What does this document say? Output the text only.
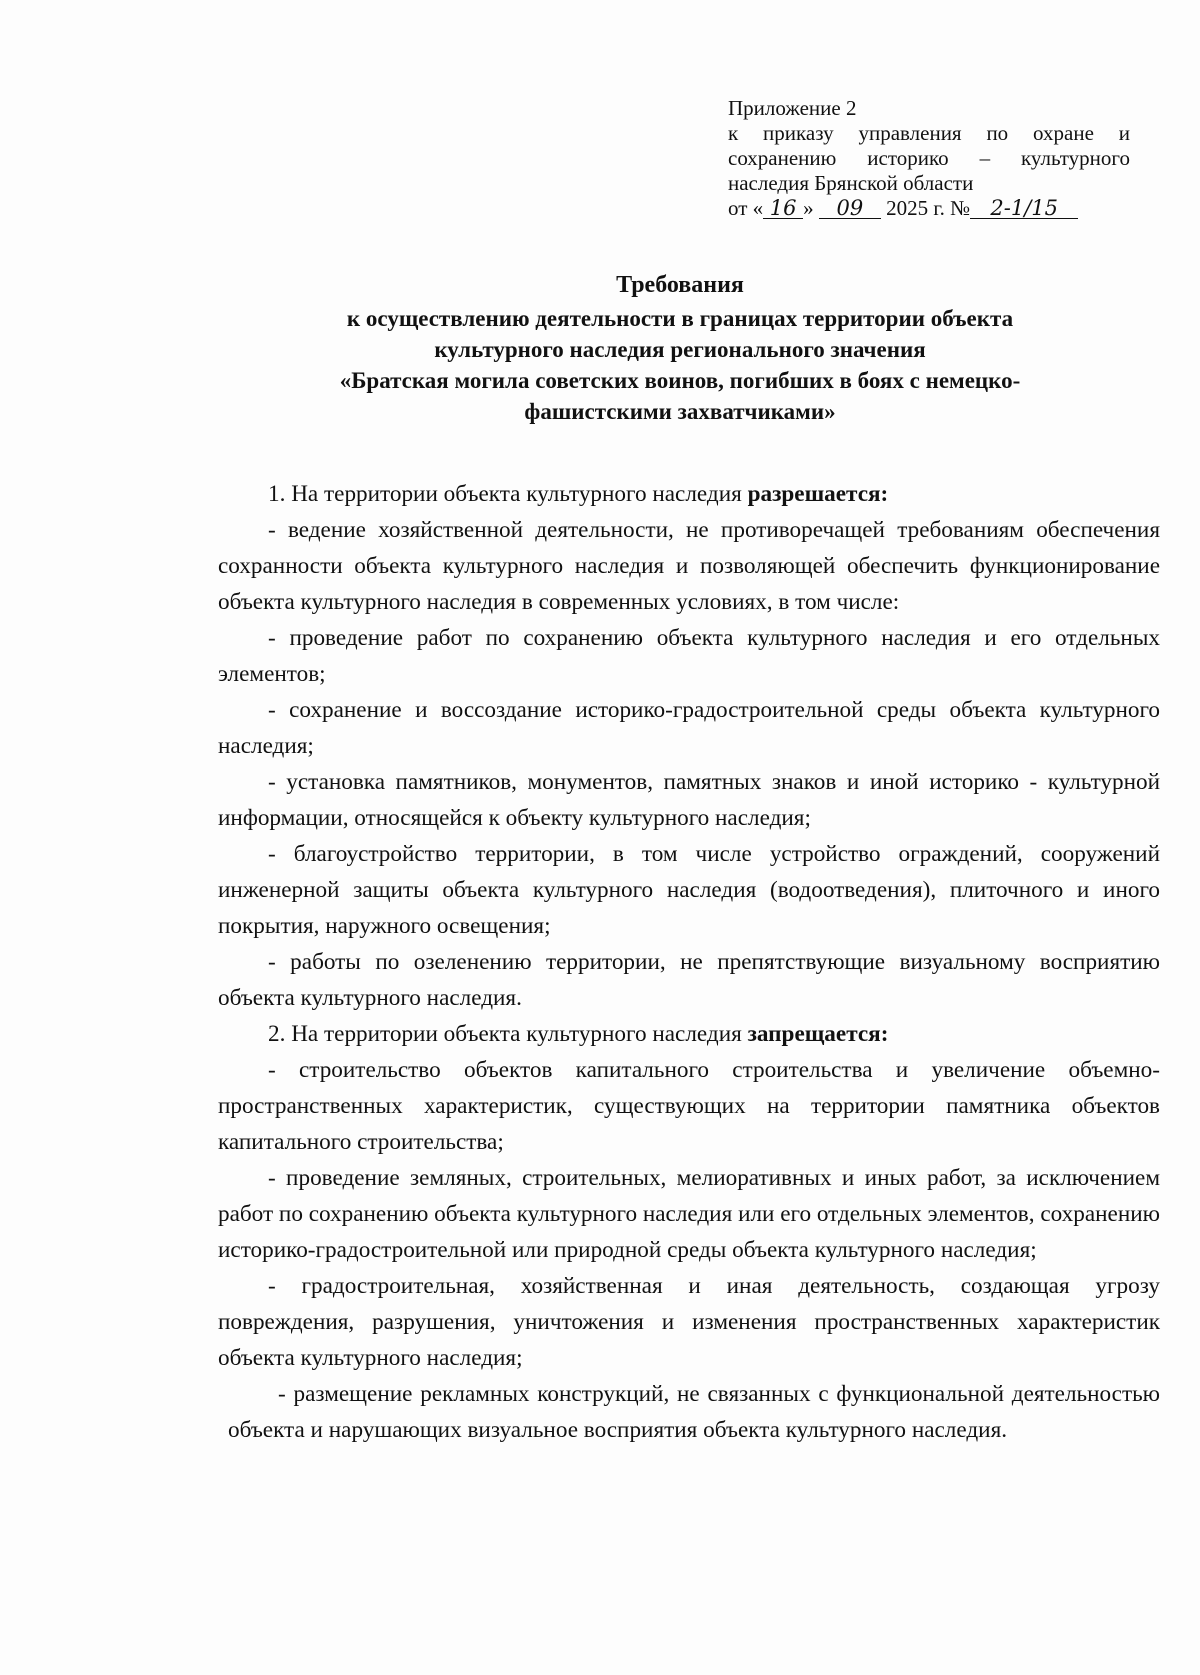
Приложение 2
к приказу управления по охране и
сохранению историко – культурного
наследия Брянской области
от « 16 » 09 2025 г. № 2-1/15
Требования
к осуществлению деятельности в границах территории объекта
культурного наследия регионального значения
«Братская могила советских воинов, погибших в боях с немецко-
фашистскими захватчиками»

1. На территории объекта культурного наследия разрешается:

- ведение хозяйственной деятельности, не противоречащей требованиям обеспечения сохранности объекта культурного наследия и позволяющей обеспечить функционирование объекта культурного наследия в современных условиях, в том числе:

- проведение работ по сохранению объекта культурного наследия и его отдельных элементов;

- сохранение и воссоздание историко-градостроительной среды объекта культурного наследия;

- установка памятников, монументов, памятных знаков и иной историко - культурной информации, относящейся к объекту культурного наследия;

- благоустройство территории, в том числе устройство ограждений, сооружений инженерной защиты объекта культурного наследия (водоотведения), плиточного и иного покрытия, наружного освещения;

- работы по озеленению территории, не препятствующие визуальному восприятию объекта культурного наследия.

2. На территории объекта культурного наследия запрещается:

- строительство объектов капитального строительства и увеличение объемно-пространственных характеристик, существующих на территории памятника объектов капитального строительства;

- проведение земляных, строительных, мелиоративных и иных работ, за исключением работ по сохранению объекта культурного наследия или его отдельных элементов, сохранению историко-градостроительной или природной среды объекта культурного наследия;

- градостроительная, хозяйственная и иная деятельность, создающая угрозу повреждения, разрушения, уничтожения и изменения пространственных характеристик объекта культурного наследия;

- размещение рекламных конструкций, не связанных с функциональной деятельностью объекта и нарушающих визуальное восприятия объекта культурного наследия.
